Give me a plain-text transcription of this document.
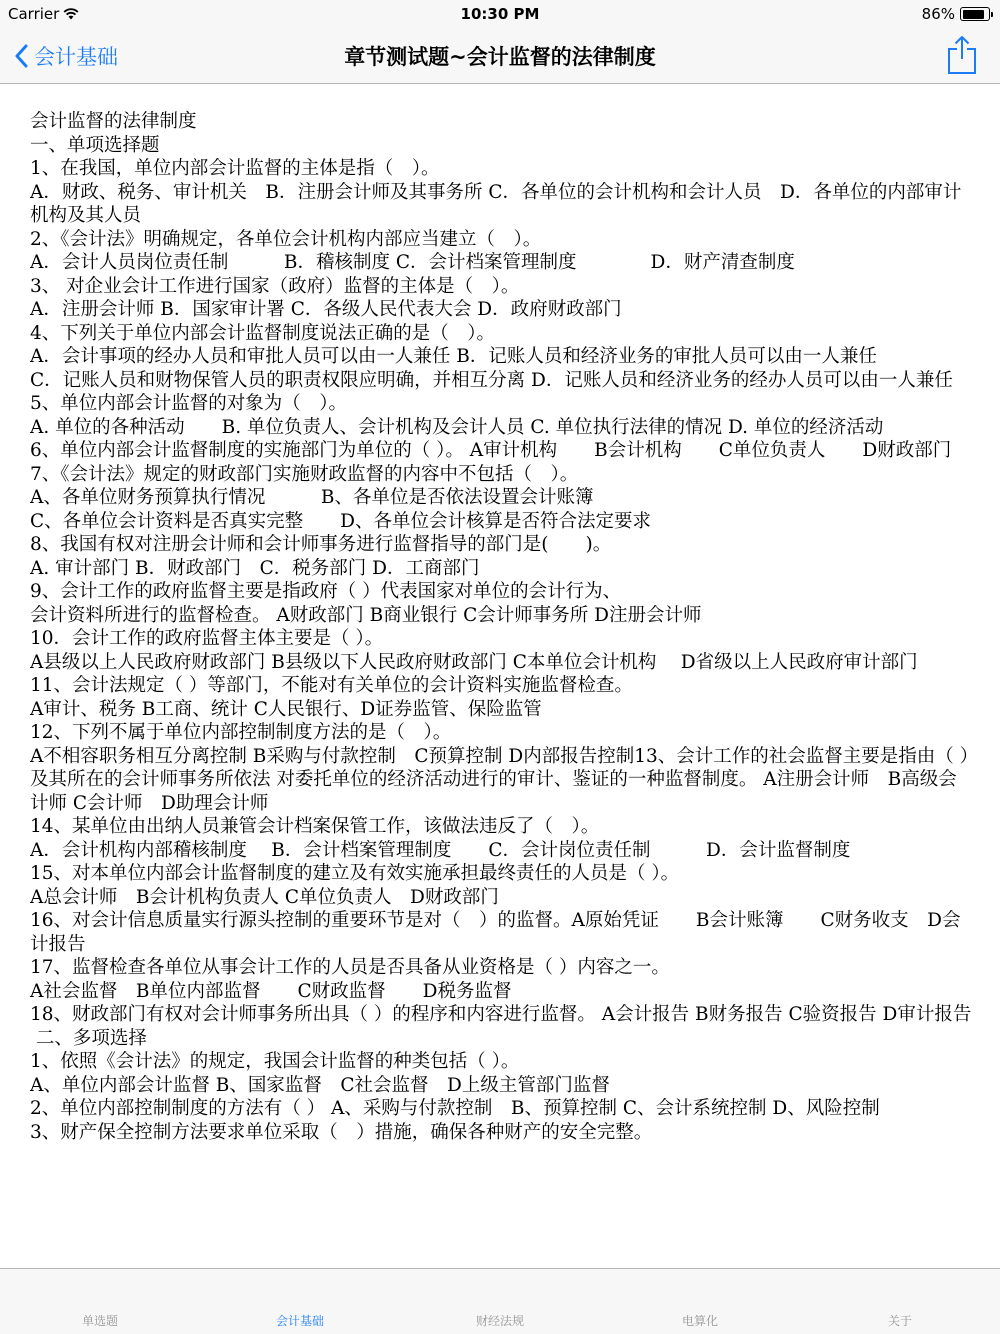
Carrier	10:30 PM	86%
会计基础	章节测试题~会计监督的法律制度

会计监督的法律制度

一、单项选择题

1、在我国，单位内部会计监督的主体是指（　）。

A．财政、税务、审计机关　B．注册会计师及其事务所 C．各单位的会计机构和会计人员　D．各单位的内部审计机构及其人员

2、《会计法》明确规定，各单位会计机构内部应当建立（　）。

A．会计人员岗位责任制　　　B．稽核制度 C．会计档案管理制度　　　　D．财产清查制度

3、 对企业会计工作进行国家（政府）监督的主体是（　）。

A．注册会计师 B．国家审计署 C．各级人民代表大会 D．政府财政部门

4、下列关于单位内部会计监督制度说法正确的是（　）。

A．会计事项的经办人员和审批人员可以由一人兼任 B．记账人员和经济业务的审批人员可以由一人兼任

C．记账人员和财物保管人员的职责权限应明确，并相互分离 D．记账人员和经济业务的经办人员可以由一人兼任

5、单位内部会计监督的对象为（　）。

A. 单位的各种活动　　B. 单位负责人、会计机构及会计人员 C. 单位执行法律的情况 D. 单位的经济活动

6、单位内部会计监督制度的实施部门为单位的（ ）。 A审计机构　　B会计机构　　C单位负责人　　D财政部门

7、《会计法》规定的财政部门实施财政监督的内容中不包括（　）。

A、各单位财务预算执行情况　　　B、各单位是否依法设置会计账簿

C、各单位会计资料是否真实完整　　D、各单位会计核算是否符合法定要求

8、我国有权对注册会计师和会计师事务进行监督指导的部门是(　　)。

A. 审计部门 B．财政部门　C．税务部门 D．工商部门

9、会计工作的政府监督主要是指政府（ ）代表国家对单位的会计行为、

会计资料所进行的监督检查。 A财政部门 B商业银行 C会计师事务所 D注册会计师

10．会计工作的政府监督主体主要是（ ）。

A县级以上人民政府财政部门 B县级以下人民政府财政部门 C本单位会计机构　 D省级以上人民政府审计部门

11、会计法规定（ ）等部门，不能对有关单位的会计资料实施监督检查。

A审计、税务 B工商、统计 C人民银行、D证券监管、保险监管

12、下列不属于单位内部控制制度方法的是（　）。

A不相容职务相互分离控制 B采购与付款控制　C预算控制 D内部报告控制13、会计工作的社会监督主要是指由（ ）及其所在的会计师事务所依法 对委托单位的经济活动进行的审计、鉴证的一种监督制度。 A注册会计师　B高级会计师 C会计师　D助理会计师

14、某单位由出纳人员兼管会计档案保管工作，该做法违反了（　）。

A．会计机构内部稽核制度　 B．会计档案管理制度　　C．会计岗位责任制　　　D．会计监督制度

15、对本单位内部会计监督制度的建立及有效实施承担最终责任的人员是（ ）。

A总会计师　B会计机构负责人 C单位负责人　D财政部门

16、对会计信息质量实行源头控制的重要环节是对（　）的监督。A原始凭证　　B会计账簿　　C财务收支　D会计报告

17、监督检查各单位从事会计工作的人员是否具备从业资格是（ ）内容之一。

A社会监督　B单位内部监督　　C财政监督　　D税务监督

18、财政部门有权对会计师事务所出具（ ）的程序和内容进行监督。 A会计报告 B财务报告 C验资报告 D审计报告

二、多项选择

1、依照《会计法》的规定，我国会计监督的种类包括（ ）。

A、单位内部会计监督 B、国家监督　C社会监督　D上级主管部门监督

2、单位内部控制制度的方法有（ ） A、采购与付款控制　B、预算控制 C、会计系统控制 D、风险控制

3、财产保全控制方法要求单位采取（　）措施，确保各种财产的安全完整。

单选题	会计基础	财经法规	电算化	关于
